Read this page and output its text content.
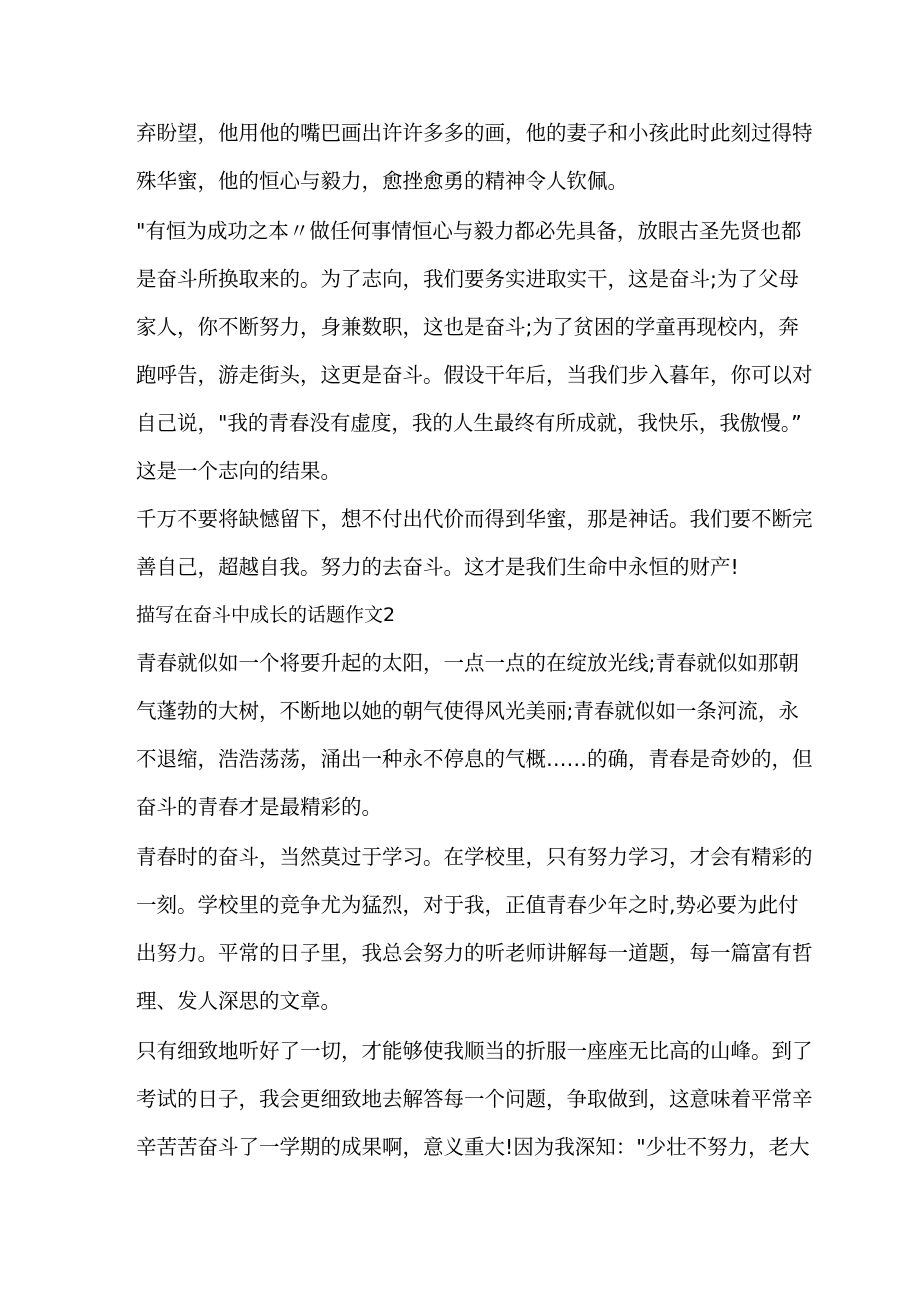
弃盼望，他用他的嘴巴画出许许多多的画，他的妻子和小孩此时此刻过得特
殊华蜜，他的恒心与毅力，愈挫愈勇的精神令人钦佩。
"有恒为成功之本〃做任何事情恒心与毅力都必先具备，放眼古圣先贤也都
是奋斗所换取来的。为了志向，我们要务实进取实干，这是奋斗;为了父母
家人，你不断努力，身兼数职，这也是奋斗;为了贫困的学童再现校内，奔
跑呼告，游走街头，这更是奋斗。假设干年后，当我们步入暮年，你可以对
自己说，"我的青春没有虚度，我的人生最终有所成就，我快乐，我傲慢。”
这是一个志向的结果。
千万不要将缺憾留下，想不付出代价而得到华蜜，那是神话。我们要不断完
善自己，超越自我。努力的去奋斗。这才是我们生命中永恒的财产!
描写在奋斗中成长的话题作文2
青春就似如一个将要升起的太阳，一点一点的在绽放光线;青春就似如那朝
气蓬勃的大树，不断地以她的朝气使得风光美丽;青春就似如一条河流，永
不退缩，浩浩荡荡，涌出一种永不停息的气概……的确，青春是奇妙的，但
奋斗的青春才是最精彩的。
青春时的奋斗，当然莫过于学习。在学校里，只有努力学习，才会有精彩的
一刻。学校里的竞争尤为猛烈，对于我，正值青春少年之时,势必要为此付
出努力。平常的日子里，我总会努力的听老师讲解每一道题，每一篇富有哲
理、发人深思的文章。
只有细致地听好了一切，才能够使我顺当的折服一座座无比高的山峰。到了
考试的日子，我会更细致地去解答每一个问题，争取做到，这意味着平常辛
辛苦苦奋斗了一学期的成果啊，意义重大!因为我深知："少壮不努力，老大
